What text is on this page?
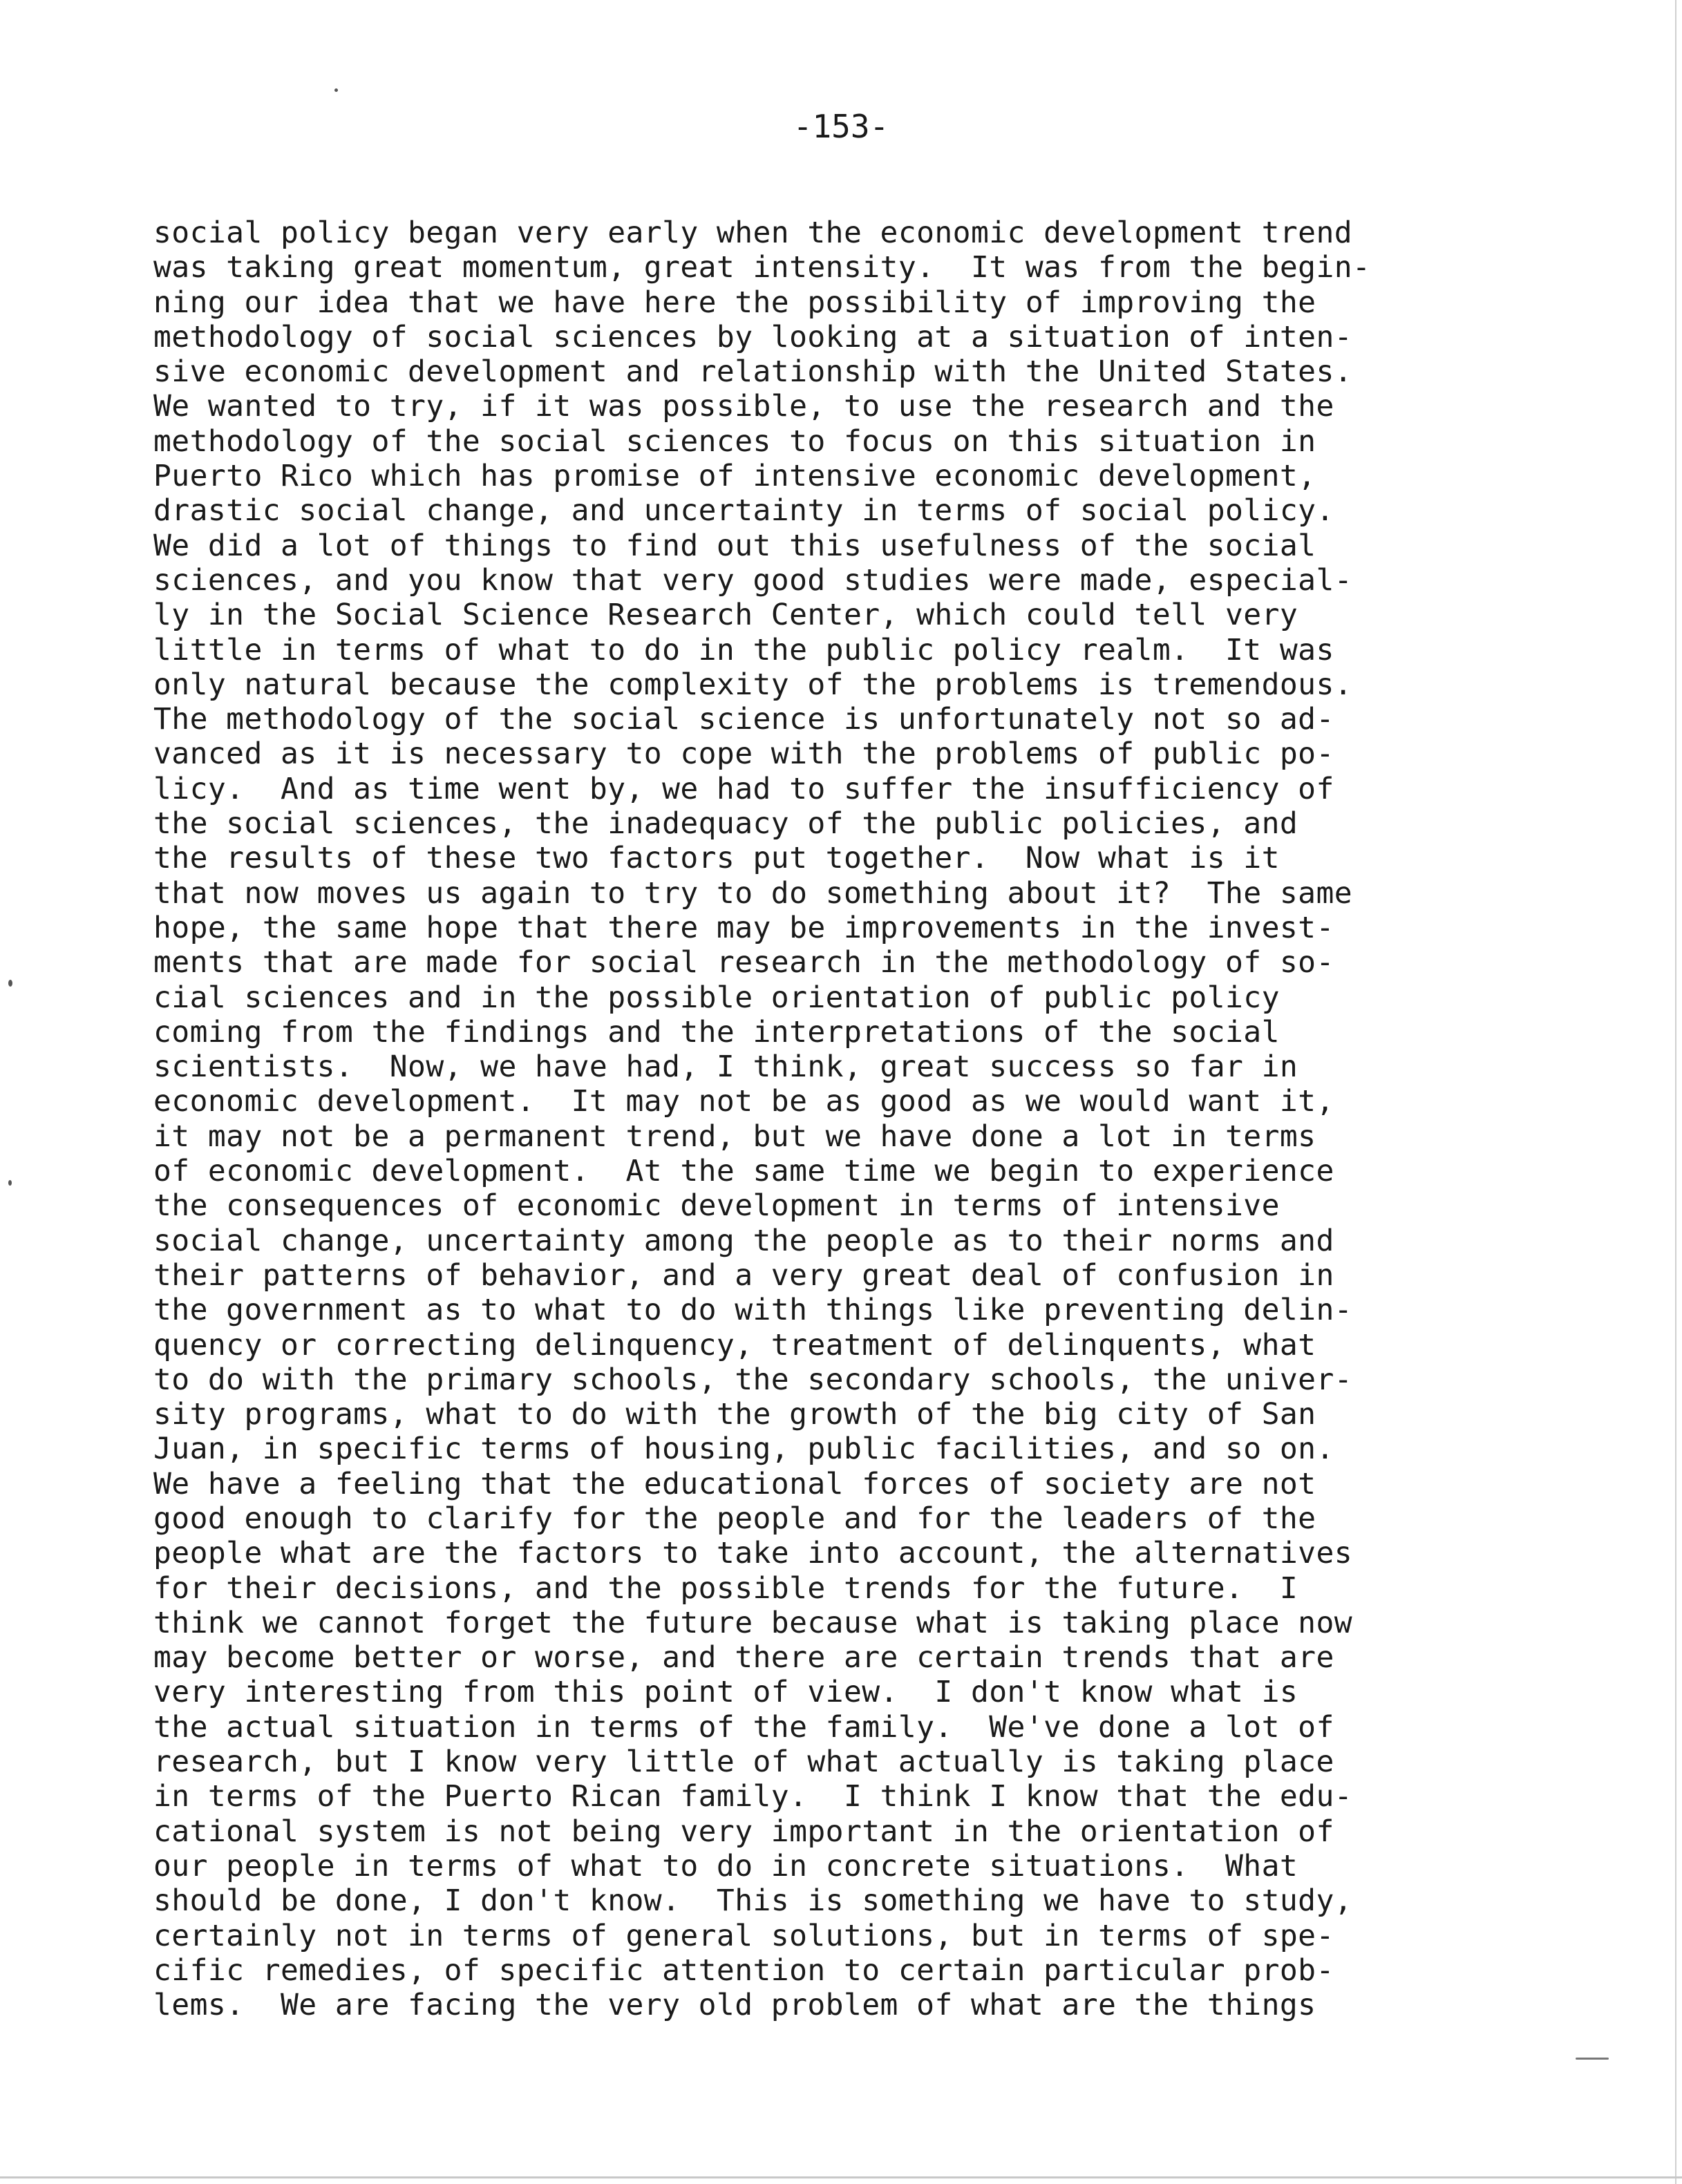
-153-
social policy began very early when the economic development trend
was taking great momentum, great intensity.  It was from the begin-
ning our idea that we have here the possibility of improving the
methodology of social sciences by looking at a situation of inten-
sive economic development and relationship with the United States.
We wanted to try, if it was possible, to use the research and the
methodology of the social sciences to focus on this situation in
Puerto Rico which has promise of intensive economic development,
drastic social change, and uncertainty in terms of social policy.
We did a lot of things to find out this usefulness of the social
sciences, and you know that very good studies were made, especial-
ly in the Social Science Research Center, which could tell very
little in terms of what to do in the public policy realm.  It was
only natural because the complexity of the problems is tremendous.
The methodology of the social science is unfortunately not so ad-
vanced as it is necessary to cope with the problems of public po-
licy.  And as time went by, we had to suffer the insufficiency of
the social sciences, the inadequacy of the public policies, and
the results of these two factors put together.  Now what is it
that now moves us again to try to do something about it?  The same
hope, the same hope that there may be improvements in the invest-
ments that are made for social research in the methodology of so-
cial sciences and in the possible orientation of public policy
coming from the findings and the interpretations of the social
scientists.  Now, we have had, I think, great success so far in
economic development.  It may not be as good as we would want it,
it may not be a permanent trend, but we have done a lot in terms
of economic development.  At the same time we begin to experience
the consequences of economic development in terms of intensive
social change, uncertainty among the people as to their norms and
their patterns of behavior, and a very great deal of confusion in
the government as to what to do with things like preventing delin-
quency or correcting delinquency, treatment of delinquents, what
to do with the primary schools, the secondary schools, the univer-
sity programs, what to do with the growth of the big city of San
Juan, in specific terms of housing, public facilities, and so on.
We have a feeling that the educational forces of society are not
good enough to clarify for the people and for the leaders of the
people what are the factors to take into account, the alternatives
for their decisions, and the possible trends for the future.  I
think we cannot forget the future because what is taking place now
may become better or worse, and there are certain trends that are
very interesting from this point of view.  I don't know what is
the actual situation in terms of the family.  We've done a lot of
research, but I know very little of what actually is taking place
in terms of the Puerto Rican family.  I think I know that the edu-
cational system is not being very important in the orientation of
our people in terms of what to do in concrete situations.  What
should be done, I don't know.  This is something we have to study,
certainly not in terms of general solutions, but in terms of spe-
cific remedies, of specific attention to certain particular prob-
lems.  We are facing the very old problem of what are the things
